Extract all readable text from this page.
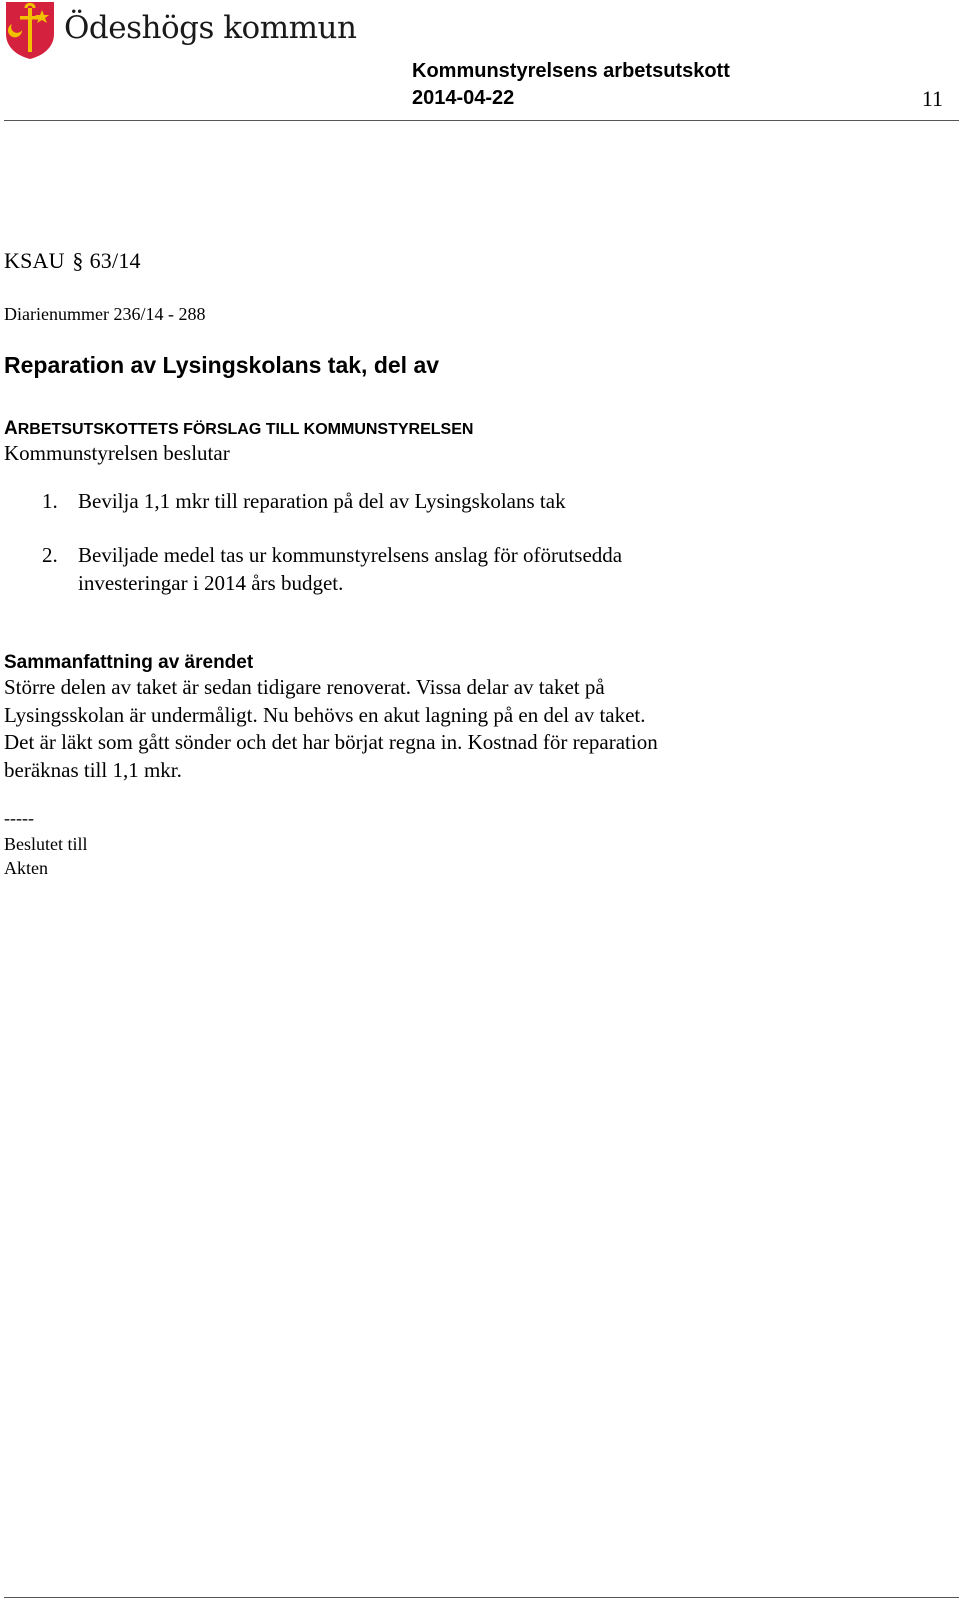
Ödeshögs kommun
Kommunstyrelsens arbetsutskott
2014-04-22	11
KSAU § 63/14
Diarienummer 236/14 - 288
Reparation av Lysingskolans tak, del av
ARBETSUTSKOTTETS FÖRSLAG TILL KOMMUNSTYRELSEN
Kommunstyrelsen beslutar
1. Bevilja 1,1 mkr till reparation på del av Lysingskolans tak
2. Beviljade medel tas ur kommunstyrelsens anslag för oförutsedda investeringar i 2014 års budget.
Sammanfattning av ärendet
Större delen av taket är sedan tidigare renoverat. Vissa delar av taket på
Lysingsskolan är undermåligt. Nu behövs en akut lagning på en del av taket.
Det är läkt som gått sönder och det har börjat regna in. Kostnad för reparation
beräknas till 1,1 mkr.
-----
Beslutet till
Akten
